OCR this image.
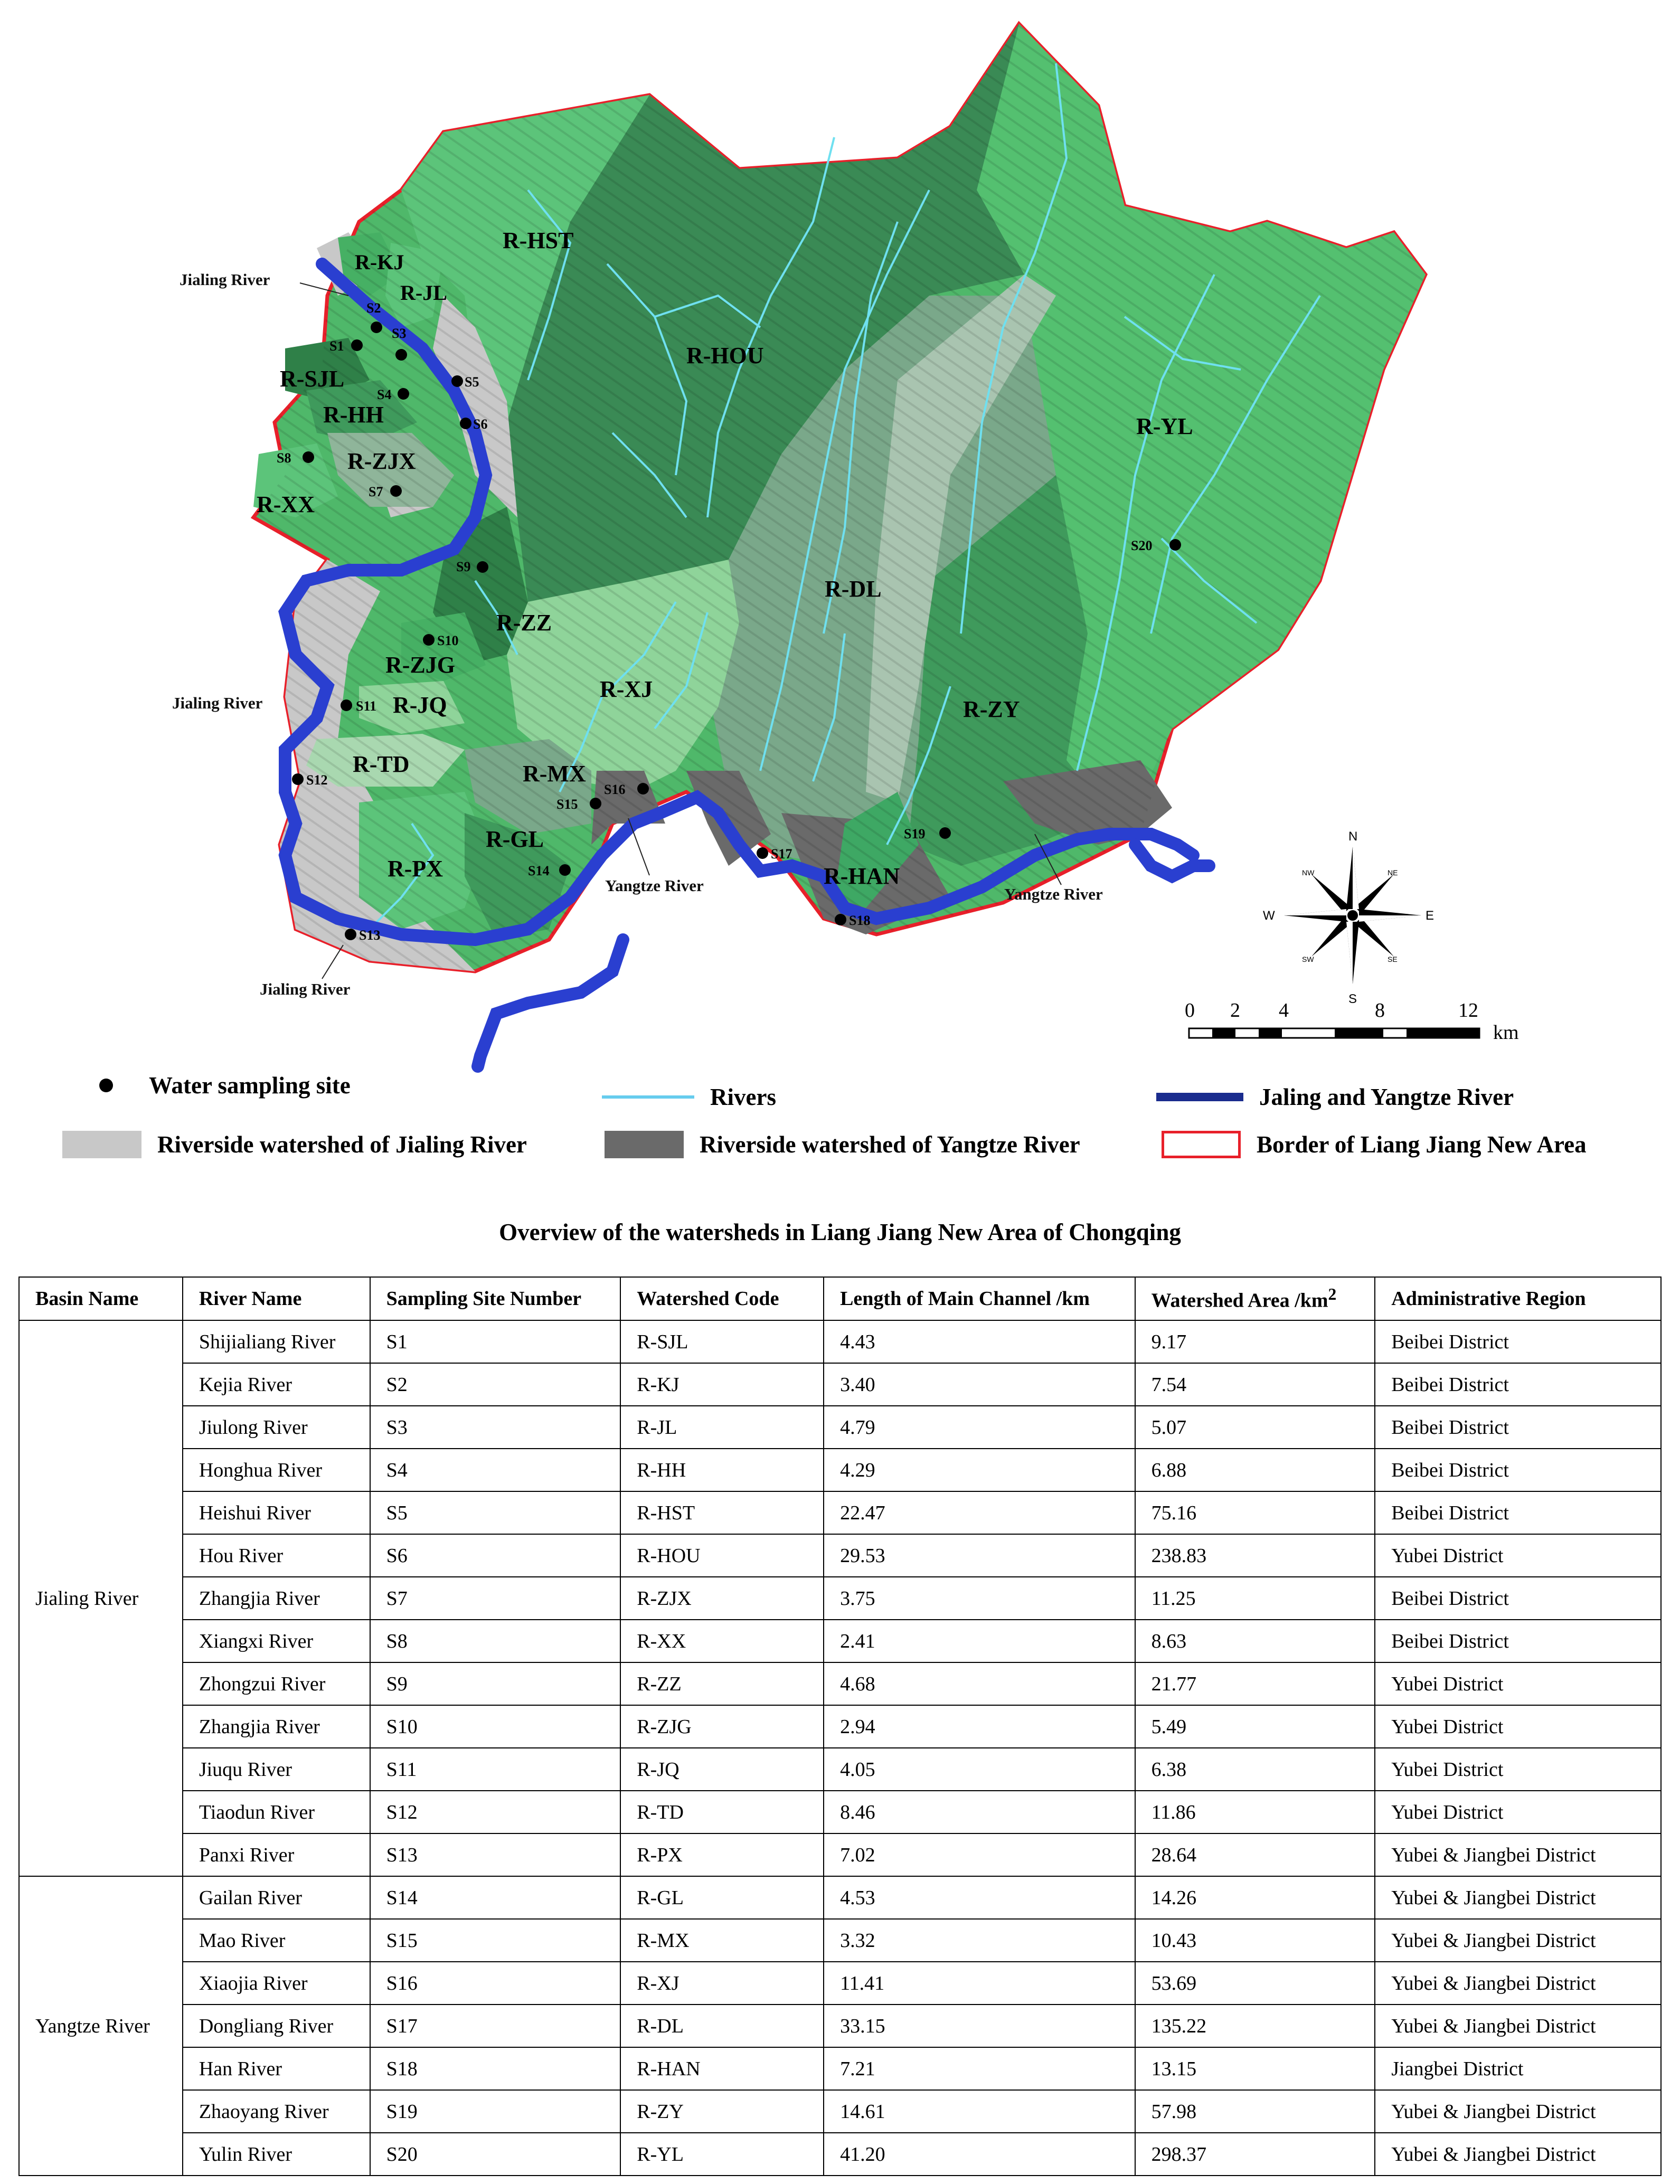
R-KJ
R-JL
R-HST
R-SJL
R-HH
R-ZJX
R-XX
R-HOU
R-YL
R-ZZ
R-ZJG
R-JQ
R-XJ
R-DL
R-ZY
R-TD	R-MX
R-GL
R-PX	R-HAN
S1
S2
S3
S4
S5
S6
S7
S8
S9
S10
S11
S12
S13
S14
S15
S16
S17
S18
S19
S20
Jialing River
Jialing River
Jialing River
Yangtze River	Yangtze River
N
S
E
W
NE
NW
SE
SW
0 2 4	8	12
km
Water sampling site	Rivers	Jaling and Yangtze River
Riverside watershed of Jialing River	Riverside watershed of Yangtze River	Border of Liang Jiang New Area
Overview of the watersheds in Liang Jiang New Area of Chongqing
Basin Name	River Name	Sampling Site Number	Watershed Code	Length of Main Channel /km	Watershed Area $/km^2$	Administrative Region
Jialing River	Shijialiang River	S1	R-SJL	4.43	9.17	Beibei District
	Kejia River	S2	R-KJ	3.40	7.54	Beibei District
	Jiulong River	S3	R-JL	4.79	5.07	Beibei District
	Honghua River	S4	R-HH	4.29	6.88	Beibei District
	Heishui River	S5	R-HST	22.47	75.16	Beibei District
	Hou River	S6	R-HOU	29.53	238.83	Yubei District
	Zhangjia River	S7	R-ZJX	3.75	11.25	Beibei District
	Xiangxi River	S8	R-XX	2.41	8.63	Beibei District
	Zhongzui River	S9	R-ZZ	4.68	21.77	Yubei District
	Zhangjia River	S10	R-ZJG	2.94	5.49	Yubei District
	Jiuqu River	S11	R-JQ	4.05	6.38	Yubei District
	Tiaodun River	S12	R-TD	8.46	11.86	Yubei District
	Panxi River	S13	R-PX	7.02	28.64	Yubei & Jiangbei District
Yangtze River	Gailan River	S14	R-GL	4.53	14.26	Yubei & Jiangbei District
	Mao River	S15	R-MX	3.32	10.43	Yubei & Jiangbei District
	Xiaojia River	S16	R-XJ	11.41	53.69	Yubei & Jiangbei District
	Dongliang River	S17	R-DL	33.15	135.22	Yubei & Jiangbei District
	Han River	S18	R-HAN	7.21	13.15	Jiangbei District
	Zhaoyang River	S19	R-ZY	14.61	57.98	Yubei & Jiangbei District
	Yulin River	S20	R-YL	41.20	298.37	Yubei & Jiangbei District
